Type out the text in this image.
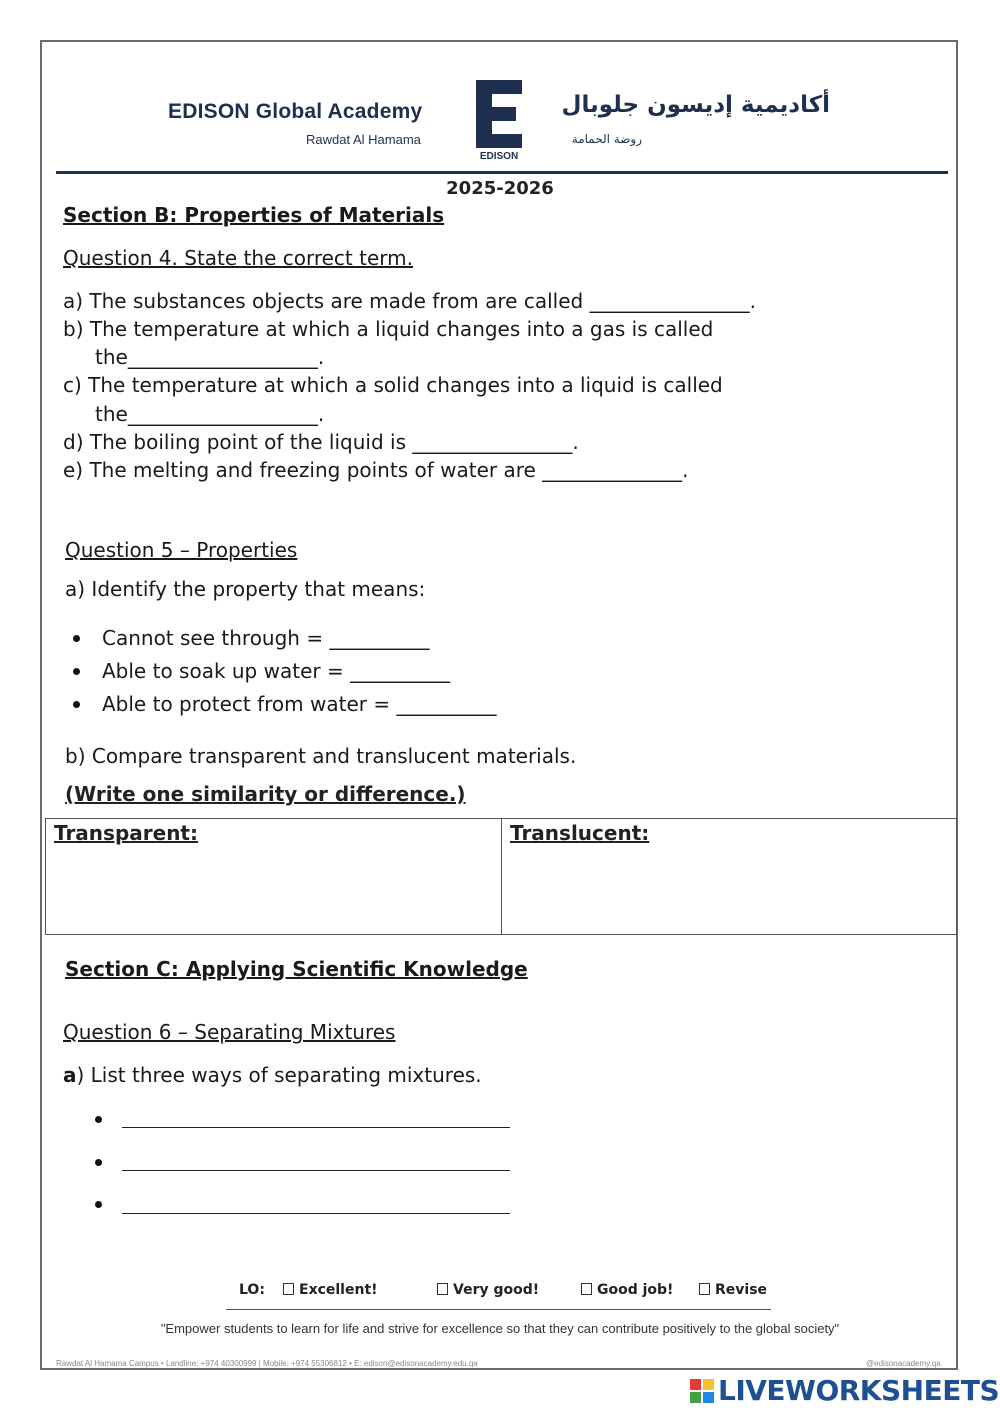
EDISON Global Academy
Rawdat Al Hamama
EDISON
أكاديمية إديسون جلوبال
روضة الحمامة
2025-2026
Section B: Properties of Materials
Question 4. State the correct term.
a) The substances objects are made from are called ________________.
b) The temperature at which a liquid changes into a gas is called
the___________________.
c) The temperature at which a solid changes into a liquid is called
the___________________.
d) The boiling point of the liquid is ________________.
e) The melting and freezing points of water are ______________.
Question 5 – Properties
a) Identify the property that means:
Cannot see through = __________
Able to soak up water = __________
Able to protect from water = __________
b) Compare transparent and translucent materials.
(Write one similarity or difference.)
Transparent:	Translucent:
Section C: Applying Scientific Knowledge
Question 6 – Separating Mixtures
a) List three ways of separating mixtures.
LO:	Excellent!	Very good!	Good job!	Revise
"Empower students to learn for life and strive for excellence so that they can contribute positively to the global society"
Rawdat Al Hamama Campus • Landline: +974 40300999 | Mobile: +974 55306812 • E: edison@edisonacademy.edu.qa	@edisonacademy.qa
LIVEWORKSHEETS
